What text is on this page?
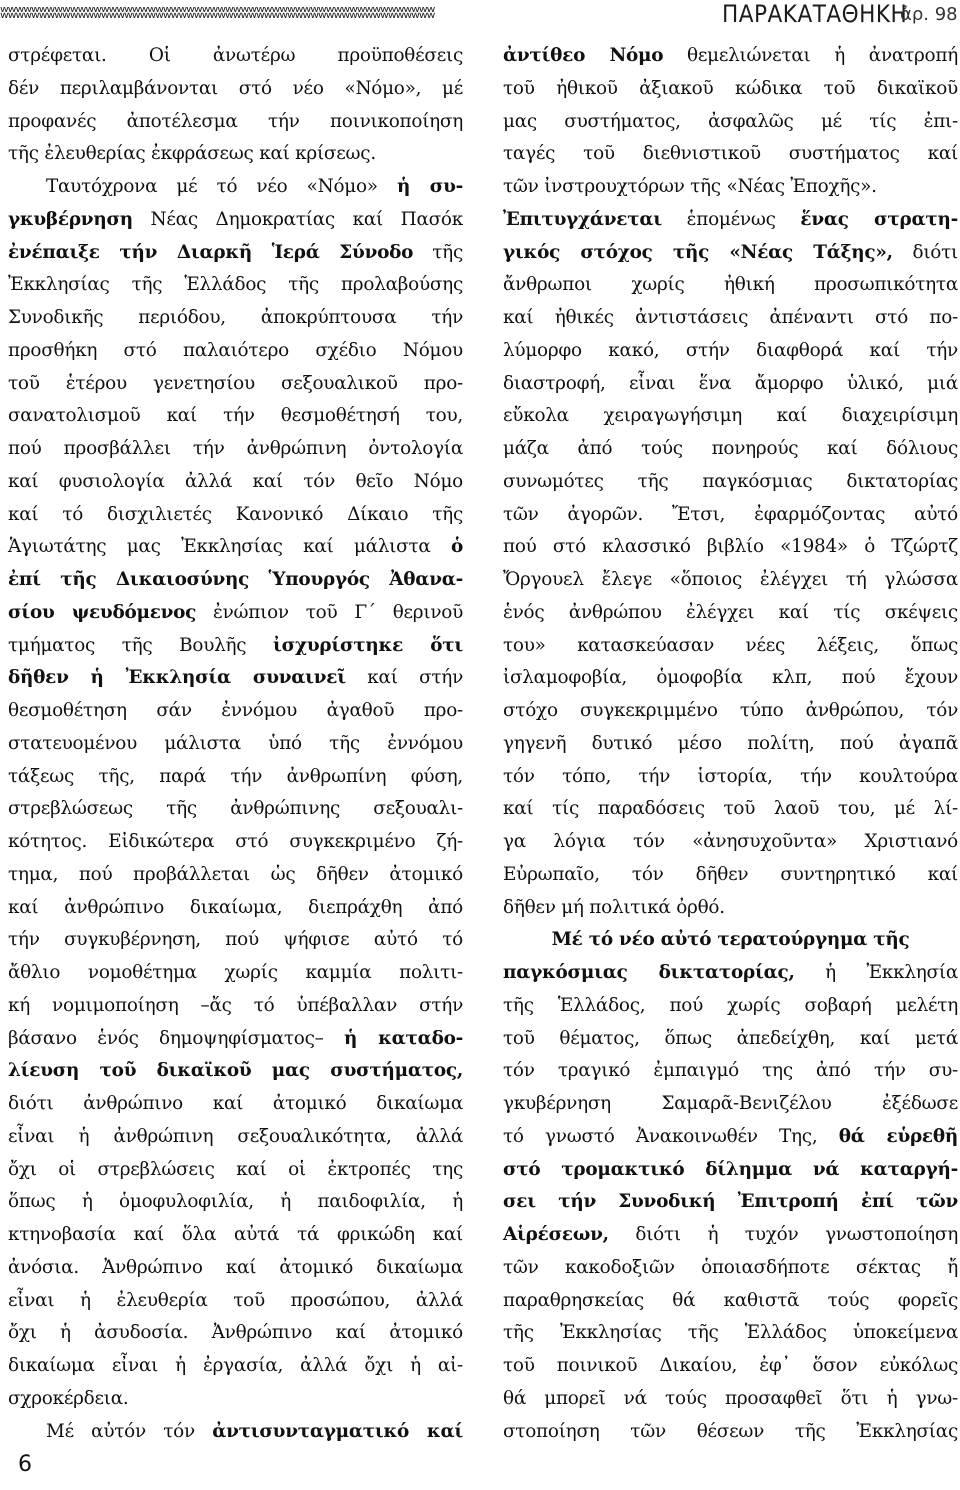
ʬʬʬʬʬʬʬʬʬʬʬʬʬʬʬʬʬʬʬʬʬʬʬʬʬʬʬʬʬʬʬʬʬʬʬʬʬʬʬʬʬʬʬʬʬʬʬʬʬʬʬʬʬʬʬʬ	ΠΑΡΑΚΑΤΑΘΗΚΗ
ἀρ. 98
στρέφεται. Οἱ ἀνωτέρω προϋποθέσεις
δέν περιλαμβάνονται στό νέο «Νόμο», μέ
προφανές ἀποτέλεσμα τήν ποινικοποίηση
τῆς ἐλευθερίας ἐκφράσεως καί κρίσεως.
Ταυτόχρονα μέ τό νέο «Νόμο» ἡ συ-
γκυβέρνηση Νέας Δημοκρατίας καί Πασόκ
ἐνέπαιξε τήν Διαρκῆ Ἱερά Σύνοδο τῆς
Ἐκκλησίας τῆς Ἑλλάδος τῆς προλαβούσης
Συνοδικῆς περιόδου, ἀποκρύπτουσα τήν
προσθήκη στό παλαιότερο σχέδιο Νόμου
τοῦ ἑτέρου γενετησίου σεξουαλικοῦ προ-
σανατολισμοῦ καί τήν θεσμοθέτησή του,
πού προσβάλλει τήν ἀνθρώπινη ὀντολογία
καί φυσιολογία ἀλλά καί τόν θεῖο Νόμο
καί τό δισχιλιετές Κανονικό Δίκαιο τῆς
Ἁγιωτάτης μας Ἐκκλησίας καί μάλιστα ὁ
ἐπί τῆς Δικαιοσύνης Ὑπουργός Ἀθανα-
σίου ψευδόμενος ἐνώπιον τοῦ Γ΄ θερινοῦ
τμήματος τῆς Βουλῆς ἰσχυρίστηκε ὅτι
δῆθεν ἡ Ἐκκλησία συναινεῖ καί στήν
θεσμοθέτηση σάν ἐννόμου ἀγαθοῦ προ-
στατευομένου μάλιστα ὑπό τῆς ἐννόμου
τάξεως τῆς, παρά τήν ἀνθρωπίνη φύση,
στρεβλώσεως τῆς ἀνθρώπινης σεξουαλι-
κότητος. Εἰδικώτερα στό συγκεκριμένο ζή-
τημα, πού προβάλλεται ὡς δῆθεν ἀτομικό
καί ἀνθρώπινο δικαίωμα, διεπράχθη ἀπό
τήν συγκυβέρνηση, πού ψήφισε αὐτό τό
ἄθλιο νομοθέτημα χωρίς καμμία πολιτι-
κή νομιμοποίηση –ἄς τό ὑπέβαλλαν στήν
βάσανο ἑνός δημοψηφίσματος– ἡ καταδο-
λίευση τοῦ δικαϊκοῦ μας συστήματος,
διότι ἀνθρώπινο καί ἀτομικό δικαίωμα
εἶναι ἡ ἀνθρώπινη σεξουαλικότητα, ἀλλά
ὄχι οἱ στρεβλώσεις καί οἱ ἐκτροπές της
ὅπως ἡ ὁμοφυλοφιλία, ἡ παιδοφιλία, ἡ
κτηνοβασία καί ὅλα αὐτά τά φρικώδη καί
ἀνόσια. Ἀνθρώπινο καί ἀτομικό δικαίωμα
εἶναι ἡ ἐλευθερία τοῦ προσώπου, ἀλλά
ὄχι ἡ ἀσυδοσία. Ἀνθρώπινο καί ἀτομικό
δικαίωμα εἶναι ἡ ἐργασία, ἀλλά ὄχι ἡ αἰ-
σχροκέρδεια.
Μέ αὐτόν τόν ἀντισυνταγματικό καί
ἀντίθεο Νόμο θεμελιώνεται ἡ ἀνατροπή
τοῦ ἠθικοῦ ἀξιακοῦ κώδικα τοῦ δικαϊκοῦ
μας συστήματος, ἀσφαλῶς μέ τίς ἐπι-
ταγές τοῦ διεθνιστικοῦ συστήματος καί
τῶν ἰνστρουχτόρων τῆς «Νέας Ἐποχῆς».
Ἐπιτυγχάνεται ἑπομένως ἕνας στρατη-
γικός στόχος τῆς «Νέας Τάξης», διότι
ἄνθρωποι χωρίς ἠθική προσωπικότητα
καί ἠθικές ἀντιστάσεις ἀπέναντι στό πο-
λύμορφο κακό, στήν διαφθορά καί τήν
διαστροφή, εἶναι ἕνα ἄμορφο ὑλικό, μιά
εὔκολα χειραγωγήσιμη καί διαχειρίσιμη
μάζα ἀπό τούς πονηρούς καί δόλιους
συνωμότες τῆς παγκόσμιας δικτατορίας
τῶν ἀγορῶν. Ἔτσι, ἐφαρμόζοντας αὐτό
πού στό κλασσικό βιβλίο «1984» ὁ Τζώρτζ
Ὄργουελ ἔλεγε «ὅποιος ἐλέγχει τή γλώσσα
ἑνός ἀνθρώπου ἐλέγχει καί τίς σκέψεις
του» κατασκεύασαν νέες λέξεις, ὅπως
ἰσλαμοφοβία, ὁμοφοβία κλπ, πού ἔχουν
στόχο συγκεκριμμένο τύπο ἀνθρώπου, τόν
γηγενῆ δυτικό μέσο πολίτη, πού ἀγαπᾶ
τόν τόπο, τήν ἱστορία, τήν κουλτούρα
καί τίς παραδόσεις τοῦ λαοῦ του, μέ λί-
γα λόγια τόν «ἀνησυχοῦντα» Χριστιανό
Εὐρωπαῖο, τόν δῆθεν συντηρητικό καί
δῆθεν μή πολιτικά ὀρθό.
Μέ τό νέο αὐτό τερατούργημα τῆς
παγκόσμιας δικτατορίας, ἡ Ἐκκλησία
τῆς Ἑλλάδος, πού χωρίς σοβαρή μελέτη
τοῦ θέματος, ὅπως ἀπεδείχθη, καί μετά
τόν τραγικό ἐμπαιγμό της ἀπό τήν συ-
γκυβέρνηση Σαμαρᾶ-Βενιζέλου ἐξέδωσε
τό γνωστό Ἀνακοινωθέν Της, θά εὑρεθῆ
στό τρομακτικό δίλημμα νά καταργή-
σει τήν Συνοδική Ἐπιτροπή ἐπί τῶν
Αἱρέσεων, διότι ἡ τυχόν γνωστοποίηση
τῶν κακοδοξιῶν ὁποιασδήποτε σέκτας ἤ
παραθρησκείας θά καθιστᾶ τούς φορεῖς
τῆς Ἐκκλησίας τῆς Ἑλλάδος ὑποκείμενα
τοῦ ποινικοῦ Δικαίου, ἐφ᾽ ὅσον εὐκόλως
θά μπορεῖ νά τούς προσαφθεῖ ὅτι ἡ γνω-
στοποίηση τῶν θέσεων τῆς Ἐκκλησίας
6
